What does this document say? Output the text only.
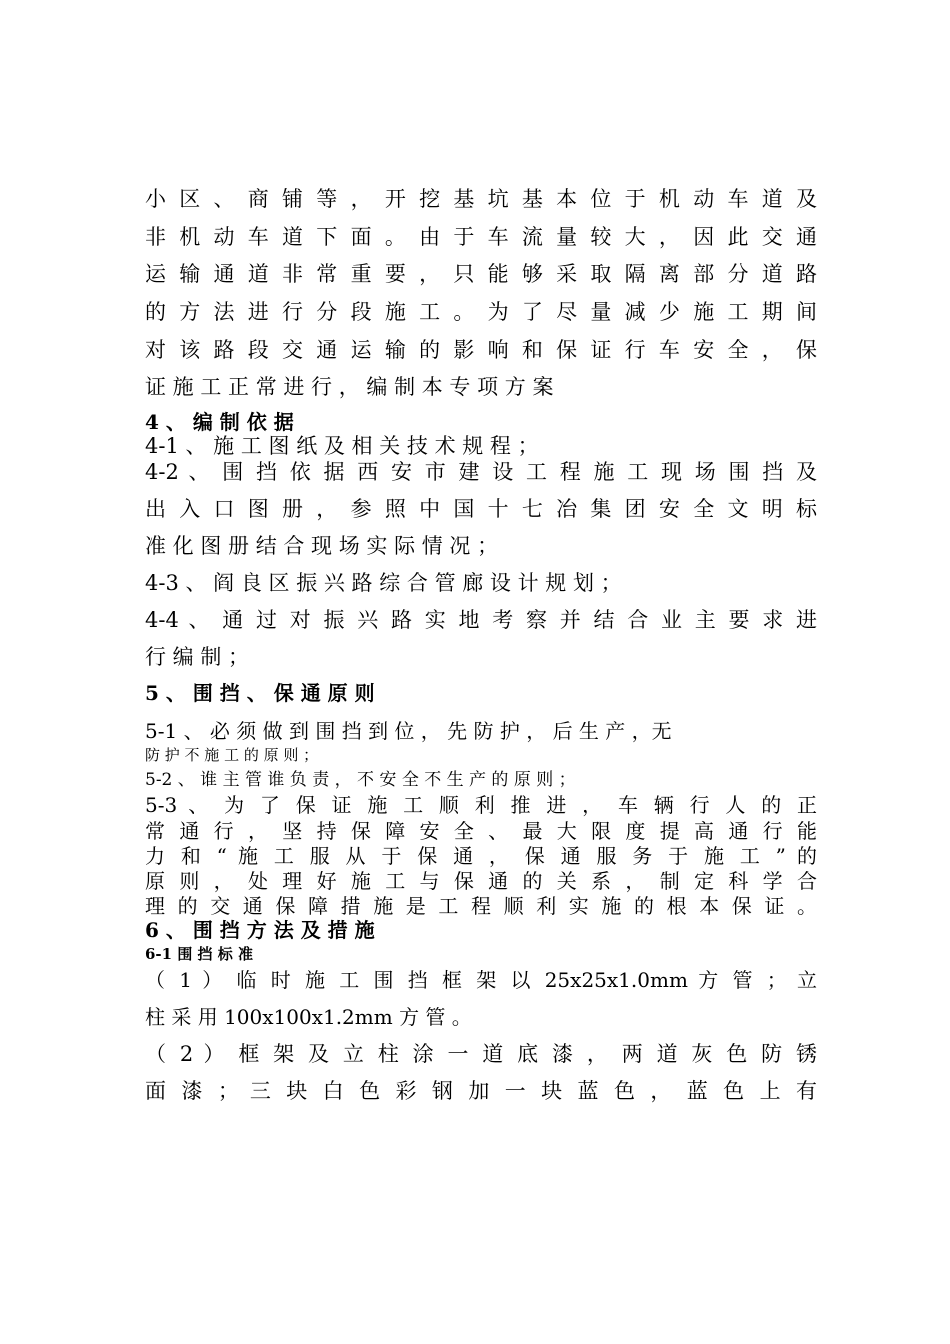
小 区 、 商 铺 等 ， 开 挖 基 坑 基 本 位 于 机 动 车 道 及
非 机 动 车 道 下 面 。 由 于 车 流 量 较 大 ， 因 此 交 通
运 输 通 道 非 常 重 要 ， 只 能 够 采 取 隔 离 部 分 道 路
的 方 法 进 行 分 段 施 工 。 为 了 尽 量 减 少 施 工 期 间
对 该 路 段 交 通 运 输 的 影 响 和 保 证 行 车 安 全 ， 保
证 施 工 正 常 进 行 ， 编 制 本 专 项 方 案
4 、 编 制 依 据
4-1 、 施 工 图 纸 及 相 关 技 术 规 程 ；
4-2 、 围 挡 依 据 西 安 市 建 设 工 程 施 工 现 场 围 挡 及
出 入 口 图 册 ， 参 照 中 国 十 七 冶 集 团 安 全 文 明 标
准 化 图 册 结 合 现 场 实 际 情 况 ；
4-3 、 阎 良 区 振 兴 路 综 合 管 廊 设 计 规 划 ；
4-4 、 通 过 对 振 兴 路 实 地 考 察 并 结 合 业 主 要 求 进
行 编 制 ；
5 、 围 挡 、 保 通 原 则
5-1 、 必 须 做 到 围 挡 到 位 ， 先 防 护 ， 后 生 产 ，无
防 护 不 施 工 的 原 则 ；
5-2 、 谁 主 管 谁 负 责 ， 不 安 全 不 生 产 的 原 则 ；
5-3 、 为 了 保 证 施 工 顺 利 推 进 ， 车 辆 行 人 的 正
常 通 行 ， 坚 持 保 障 安 全 、 最 大 限 度 提 高 通 行 能
力 和 “ 施 工 服 从 于 保 通 ， 保 通 服 务 于 施 工 ” 的
原 则 ， 处 理 好 施 工 与 保 通 的 关 系 ， 制 定 科 学 合
理 的 交 通 保 障 措 施 是 工 程 顺 利 实 施 的 根 本 保 证 。
6 、 围 挡 方 法 及 措 施
6-1 围 挡 标 准
（ 1 ） 临 时 施 工 围 挡 框 架 以 25x25x1.0mm 方 管 ； 立
柱 采 用 100x100x1.2mm 方 管 。
（ 2 ） 框 架 及 立 柱 涂 一 道 底 漆 ， 两 道 灰 色 防 锈
面 漆 ； 三 块 白 色 彩 钢 加 一 块 蓝 色 ， 蓝 色 上 有
